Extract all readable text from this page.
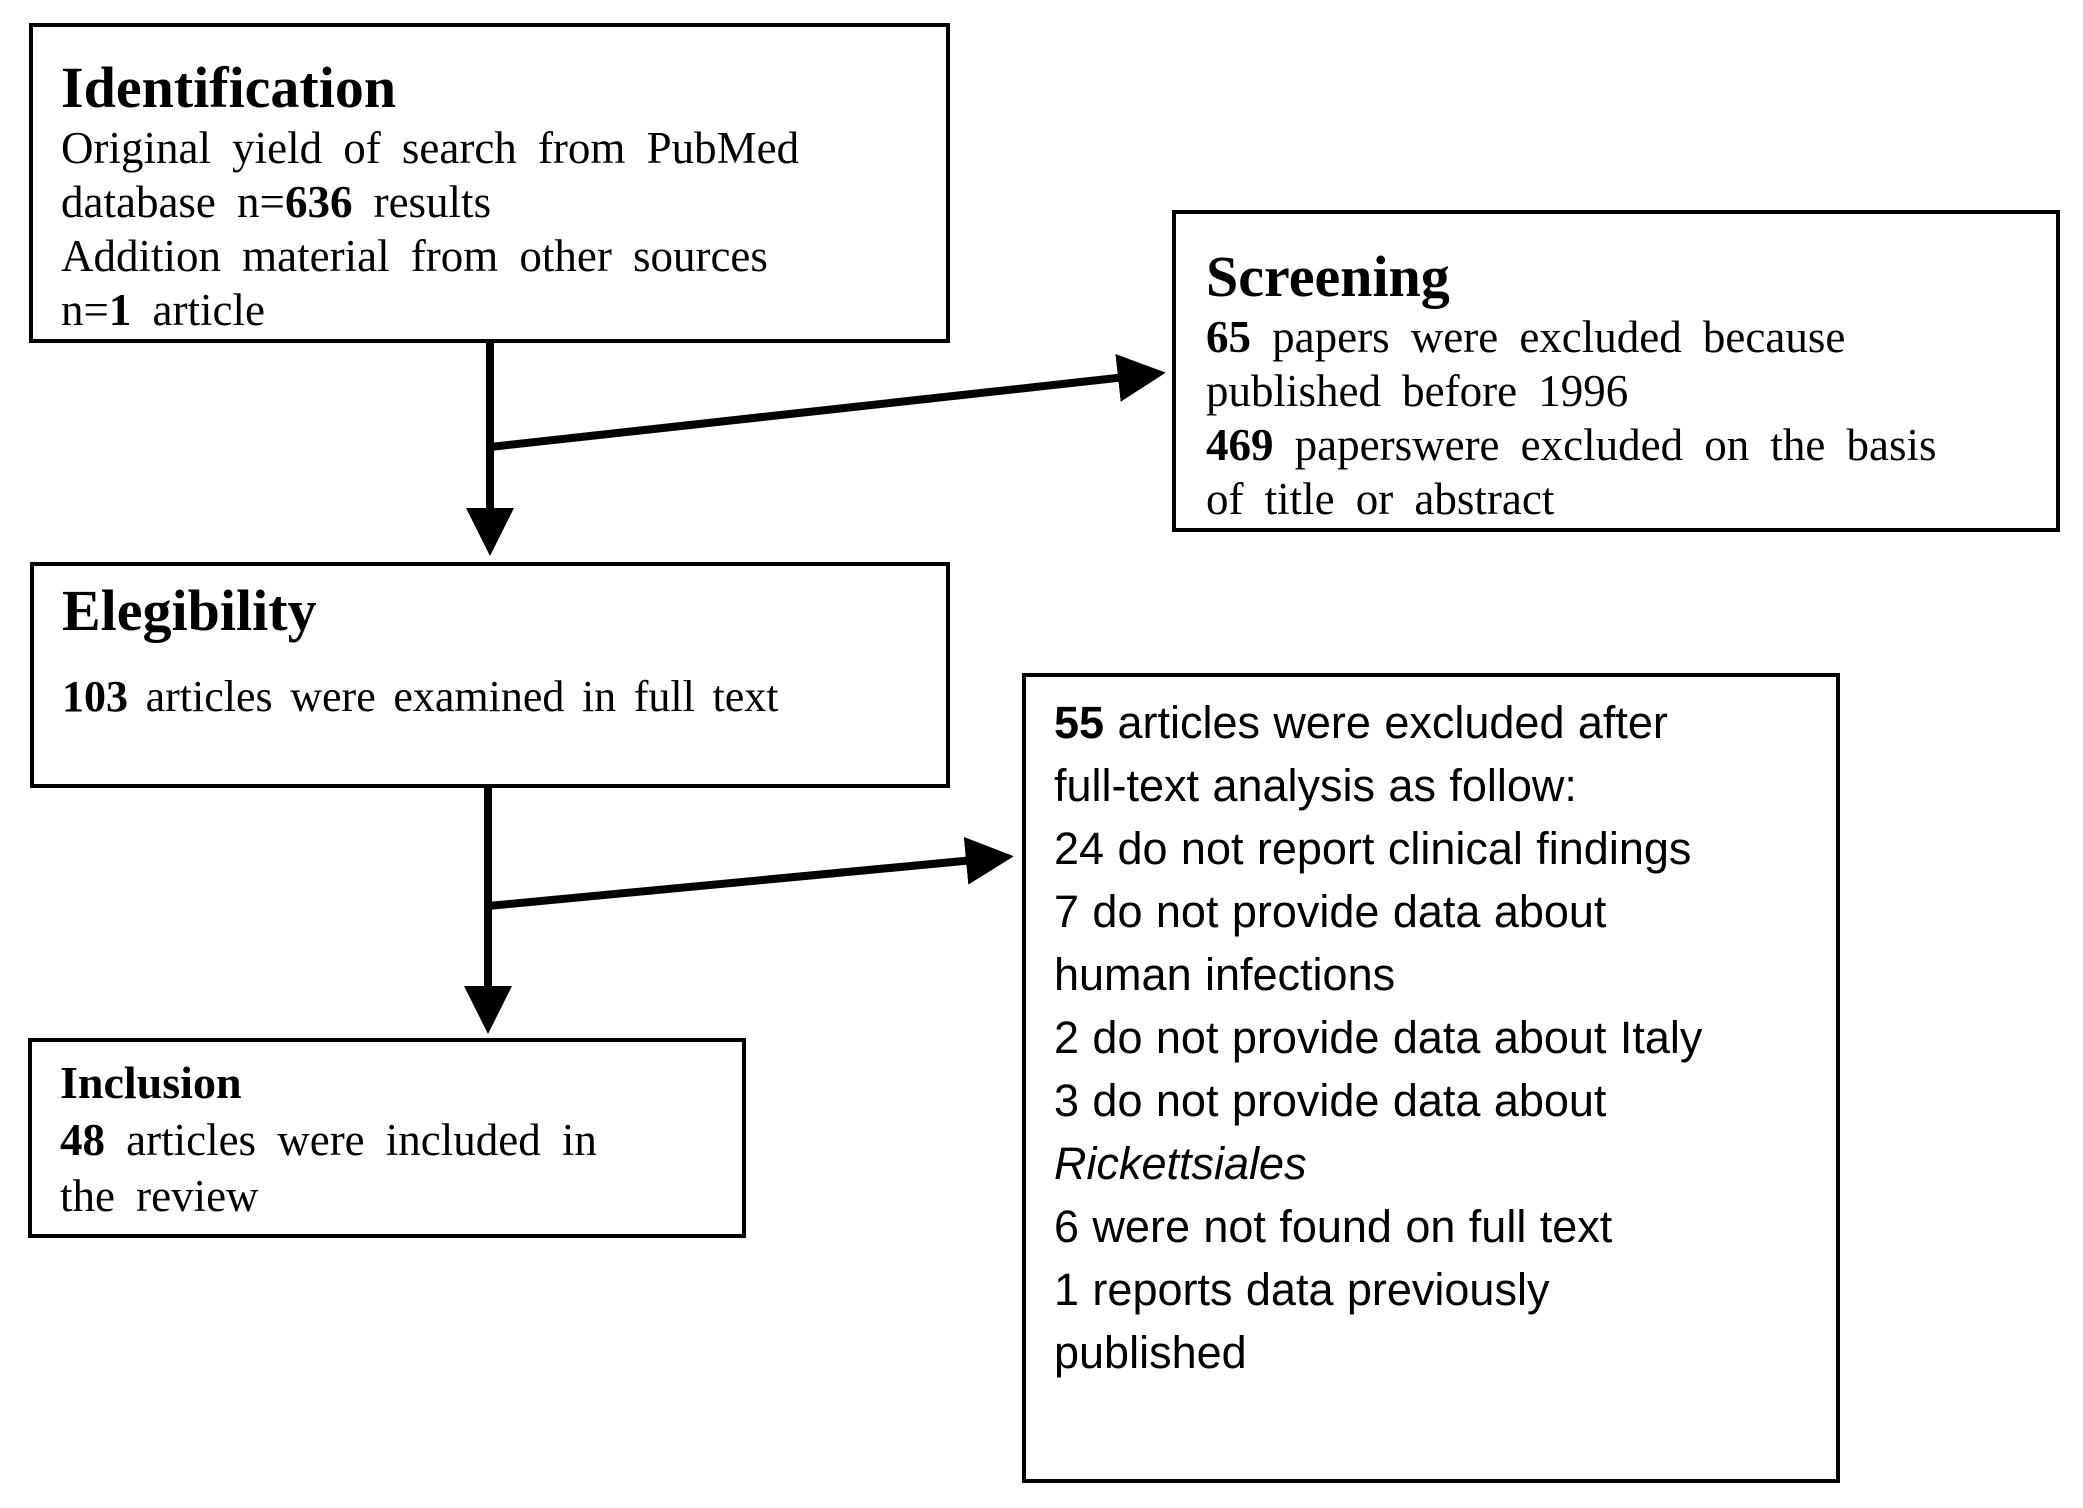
Identification
Original yield of search from PubMed
database n=636 results
Addition material from other sources
n=1 article
Screening
65 papers were excluded because
published before 1996
469 paperswere excluded on the basis
of title or abstract
Elegibility
103 articles were examined in full text
Inclusion
48 articles were included in
the review
55 articles were excluded after
full-text analysis as follow:
24 do not report clinical findings
7 do not provide data about
human infections
2 do not provide data about Italy
3 do not provide data about
Rickettsiales
6 were not found on full text
1 reports data previously
published
